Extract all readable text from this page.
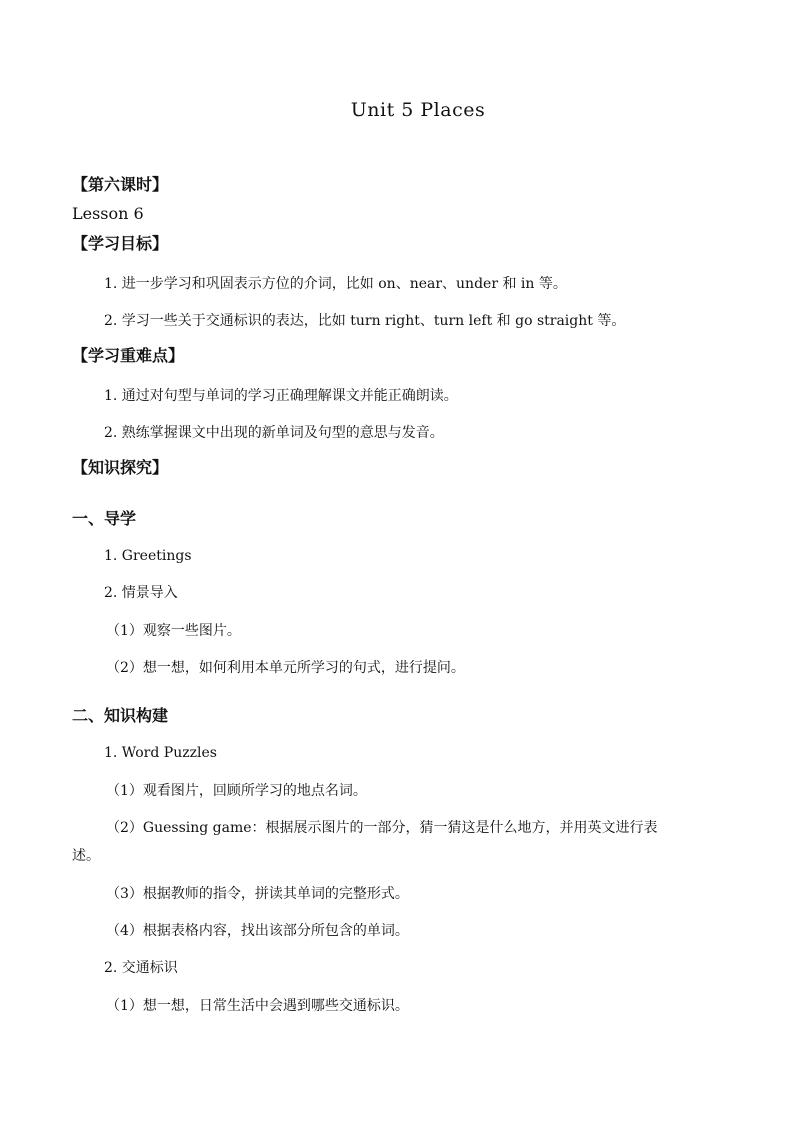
Unit 5 Places
【第六课时】
Lesson 6
【学习目标】
1. 进一步学习和巩固表示方位的介词，比如 on、near、under 和 in 等。
2. 学习一些关于交通标识的表达，比如 turn right、turn left 和 go straight 等。
【学习重难点】
1. 通过对句型与单词的学习正确理解课文并能正确朗读。
2. 熟练掌握课文中出现的新单词及句型的意思与发音。
【知识探究】
一、导学
1. Greetings
2. 情景导入
（1）观察一些图片。
（2）想一想，如何利用本单元所学习的句式，进行提问。
二、知识构建
1. Word Puzzles
（1）观看图片，回顾所学习的地点名词。
（2）Guessing game：根据展示图片的一部分，猜一猜这是什么地方，并用英文进行表
述。
（3）根据教师的指令，拼读其单词的完整形式。
（4）根据表格内容，找出该部分所包含的单词。
2. 交通标识
（1）想一想，日常生活中会遇到哪些交通标识。
